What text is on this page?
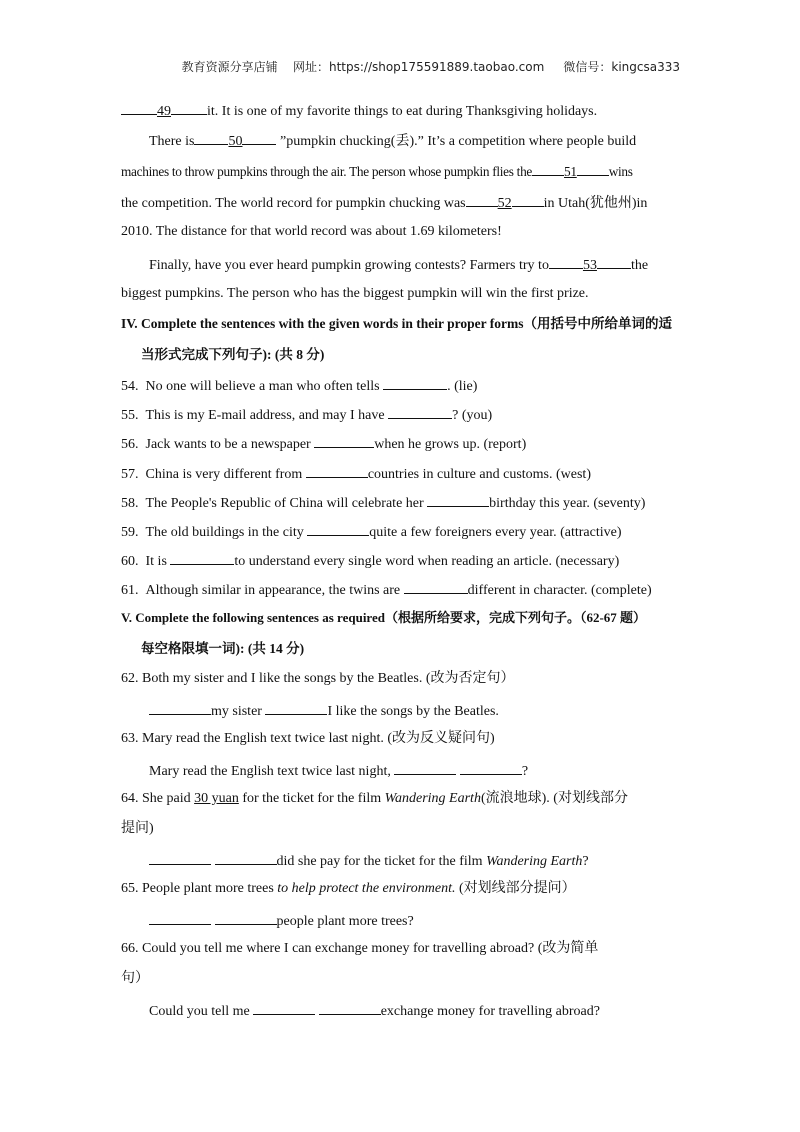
教育资源分享店铺 网址：https://shop175591889.taobao.com 微信号：kingcsa333
49	it. It is one of my favorite things to eat during Thanksgiving holidays.
There is 50	”pumpkin chucking(丢).” It’s a competition where people build
machines to throw pumpkins through the air. The person whose pumpkin flies the 51 wins
the competition. The world record for pumpkin chucking was 52 in Utah(犹他州)in
2010. The distance for that world record was about 1.69 kilometers!
Finally, have you ever heard pumpkin growing contests? Farmers try to 53 the
biggest pumpkins. The person who has the biggest pumpkin will win the first prize.
IV. Complete the sentences with the given words in their proper forms（用括号中所给单词的适
当形式完成下列句子): (共 8 分)
54. No one will believe a man who often tells	. (lie)
55. This is my E-mail address, and may I have	? (you)
56. Jack wants to be a newspaper	when he grows up. (report)
57. China is very different from	countries in culture and customs. (west)
58. The People's Republic of China will celebrate her	birthday this year. (seventy)
59. The old buildings in the city	quite a few foreigners every year. (attractive)
60. It is	to understand every single word when reading an article. (necessary)
61. Although similar in appearance, the twins are	different in character. (complete)
V. Complete the following sentences as required（根据所给要求，完成下列句子。（62-67 题）
每空格限填一词): (共 14 分)
62. Both my sister and I like the songs by the Beatles. (改为否定句）
my sister	I like the songs by the Beatles.
63. Mary read the English text twice last night. (改为反义疑问句)
Mary read the English text twice last night,	?
64. She paid 30 yuan for the ticket for the film Wandering Earth(流浪地球). (对划线部分
提问)
did she pay for the ticket for the film Wandering Earth?
65. People plant more trees to help protect the environment. (对划线部分提问）
people plant more trees?
66. Could you tell me where I can exchange money for travelling abroad? (改为简单
句）
Could you tell me	exchange money for travelling abroad?
